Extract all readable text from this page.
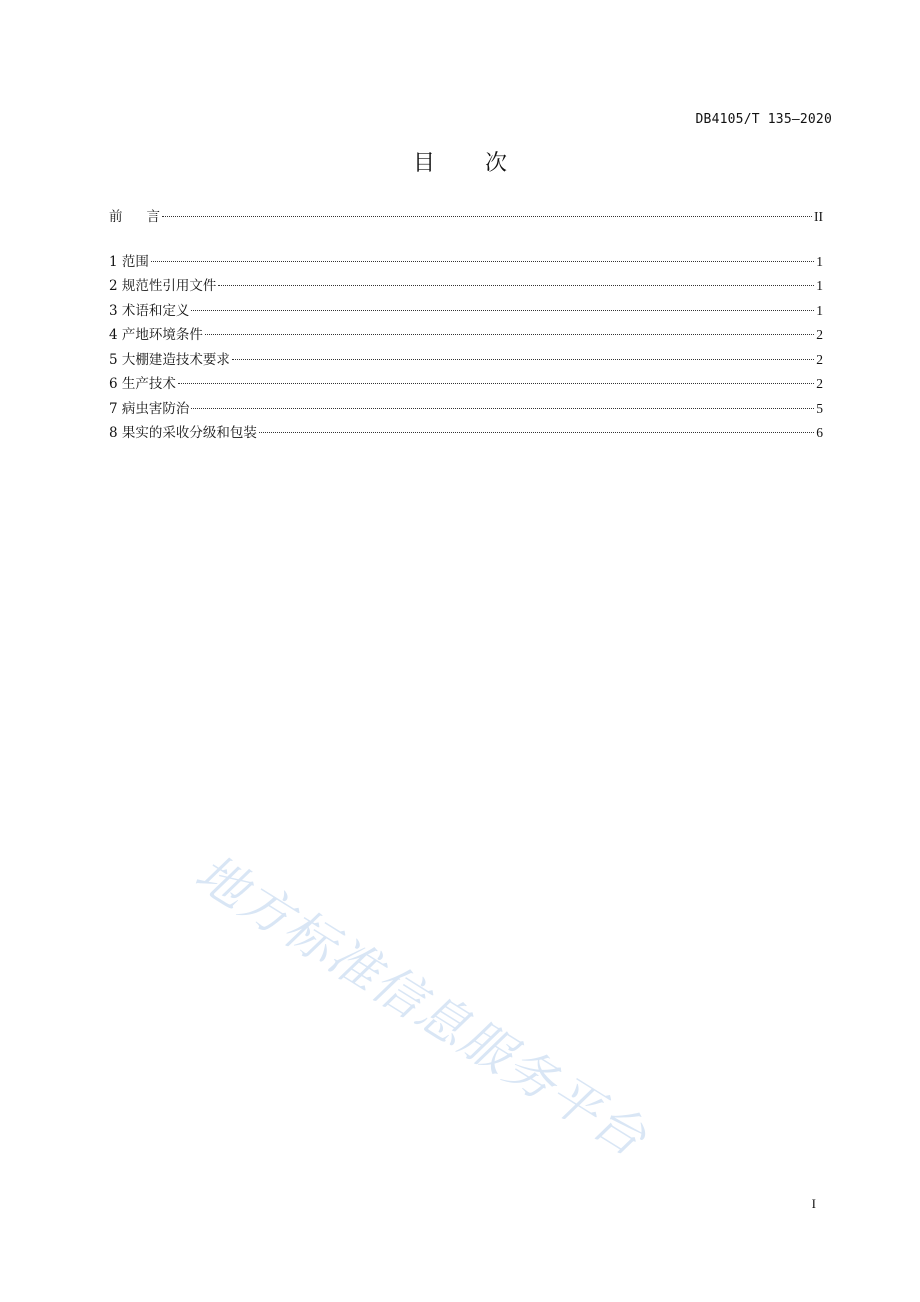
DB4105/T 135—2020
目 次
前言	II
1 范围	1
2 规范性引用文件	1
3 术语和定义	1
4 产地环境条件	2
5 大棚建造技术要求	2
6 生产技术	2
7 病虫害防治	5
8 果实的采收分级和包装	6
地方标准信息服务平台
I
